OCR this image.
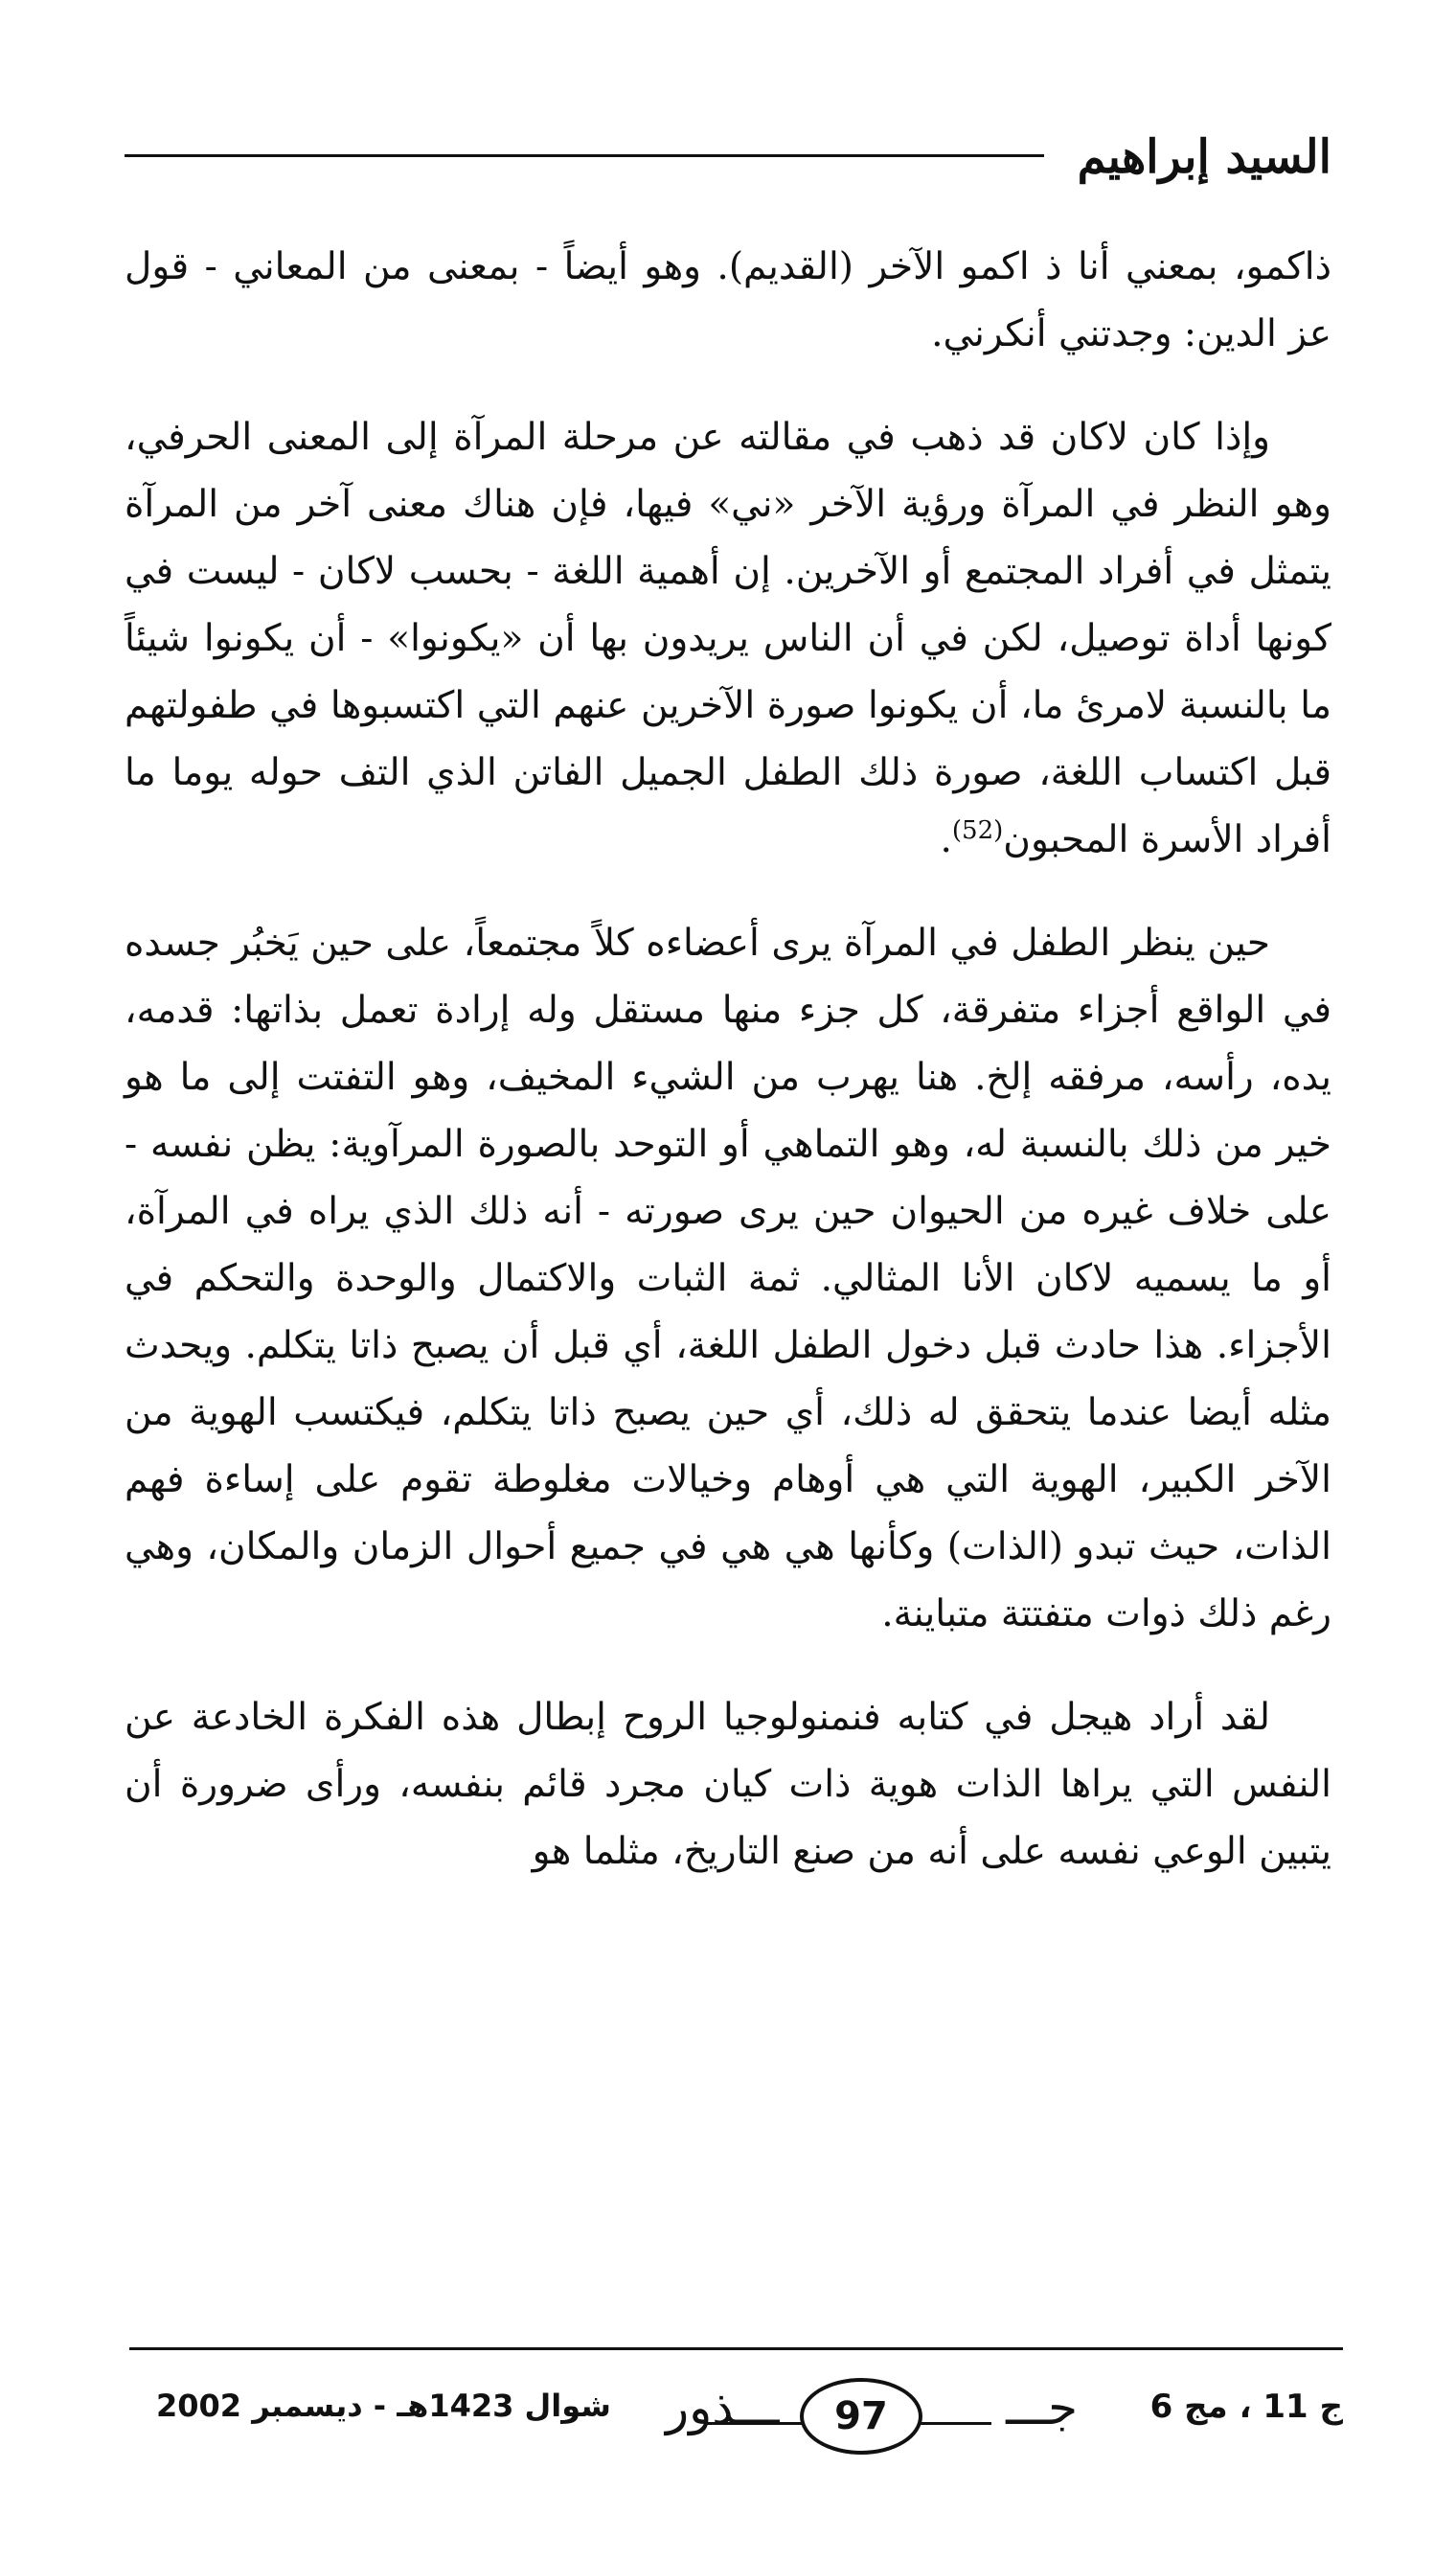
السيد إبراهيم

ذاكمو، بمعني أنا ذ اكمو الآخر (القديم). وهو أيضاً - بمعنى من المعاني - قول عز الدين: وجدتني أنكرني.

وإذا كان لاكان قد ذهب في مقالته عن مرحلة المرآة إلى المعنى الحرفي، وهو النظر في المرآة ورؤية الآخر «ني» فيها، فإن هناك معنى آخر من المرآة يتمثل في أفراد المجتمع أو الآخرين. إن أهمية اللغة - بحسب لاكان - ليست في كونها أداة توصيل، لكن في أن الناس يريدون بها أن «يكونوا» - أن يكونوا شيئاً ما بالنسبة لامرئ ما، أن يكونوا صورة الآخرين عنهم التي اكتسبوها في طفولتهم قبل اكتساب اللغة، صورة ذلك الطفل الجميل الفاتن الذي التف حوله يوما ما أفراد الأسرة المحبون$^{(52)}$.

حين ينظر الطفل في المرآة يرى أعضاءه كلاً مجتمعاً، على حين يَخبُر جسده في الواقع أجزاء متفرقة، كل جزء منها مستقل وله إرادة تعمل بذاتها: قدمه، يده، رأسه، مرفقه إلخ. هنا يهرب من الشيء المخيف، وهو التفتت إلى ما هو خير من ذلك بالنسبة له، وهو التماهي أو التوحد بالصورة المرآوية: يظن نفسه - على خلاف غيره من الحيوان حين يرى صورته - أنه ذلك الذي يراه في المرآة، أو ما يسميه لاكان الأنا المثالي. ثمة الثبات والاكتمال والوحدة والتحكم في الأجزاء. هذا حادث قبل دخول الطفل اللغة، أي قبل أن يصبح ذاتا يتكلم. ويحدث مثله أيضا عندما يتحقق له ذلك، أي حين يصبح ذاتا يتكلم، فيكتسب الهوية من الآخر الكبير، الهوية التي هي أوهام وخيالات مغلوطة تقوم على إساءة فهم الذات، حيث تبدو (الذات) وكأنها هي هي في جميع أحوال الزمان والمكان، وهي رغم ذلك ذوات متفتتة متباينة.

لقد أراد هيجل في كتابه فنمنولوجيا الروح إبطال هذه الفكرة الخادعة عن النفس التي يراها الذات هوية ذات كيان مجرد قائم بنفسه، ورأى ضرورة أن يتبين الوعي نفسه على أنه من صنع التاريخ، مثلما هو

ج 11 ، مج 6
ـــذور	97	جـــ
شوال 1423هـ - ديسمبر 2002
